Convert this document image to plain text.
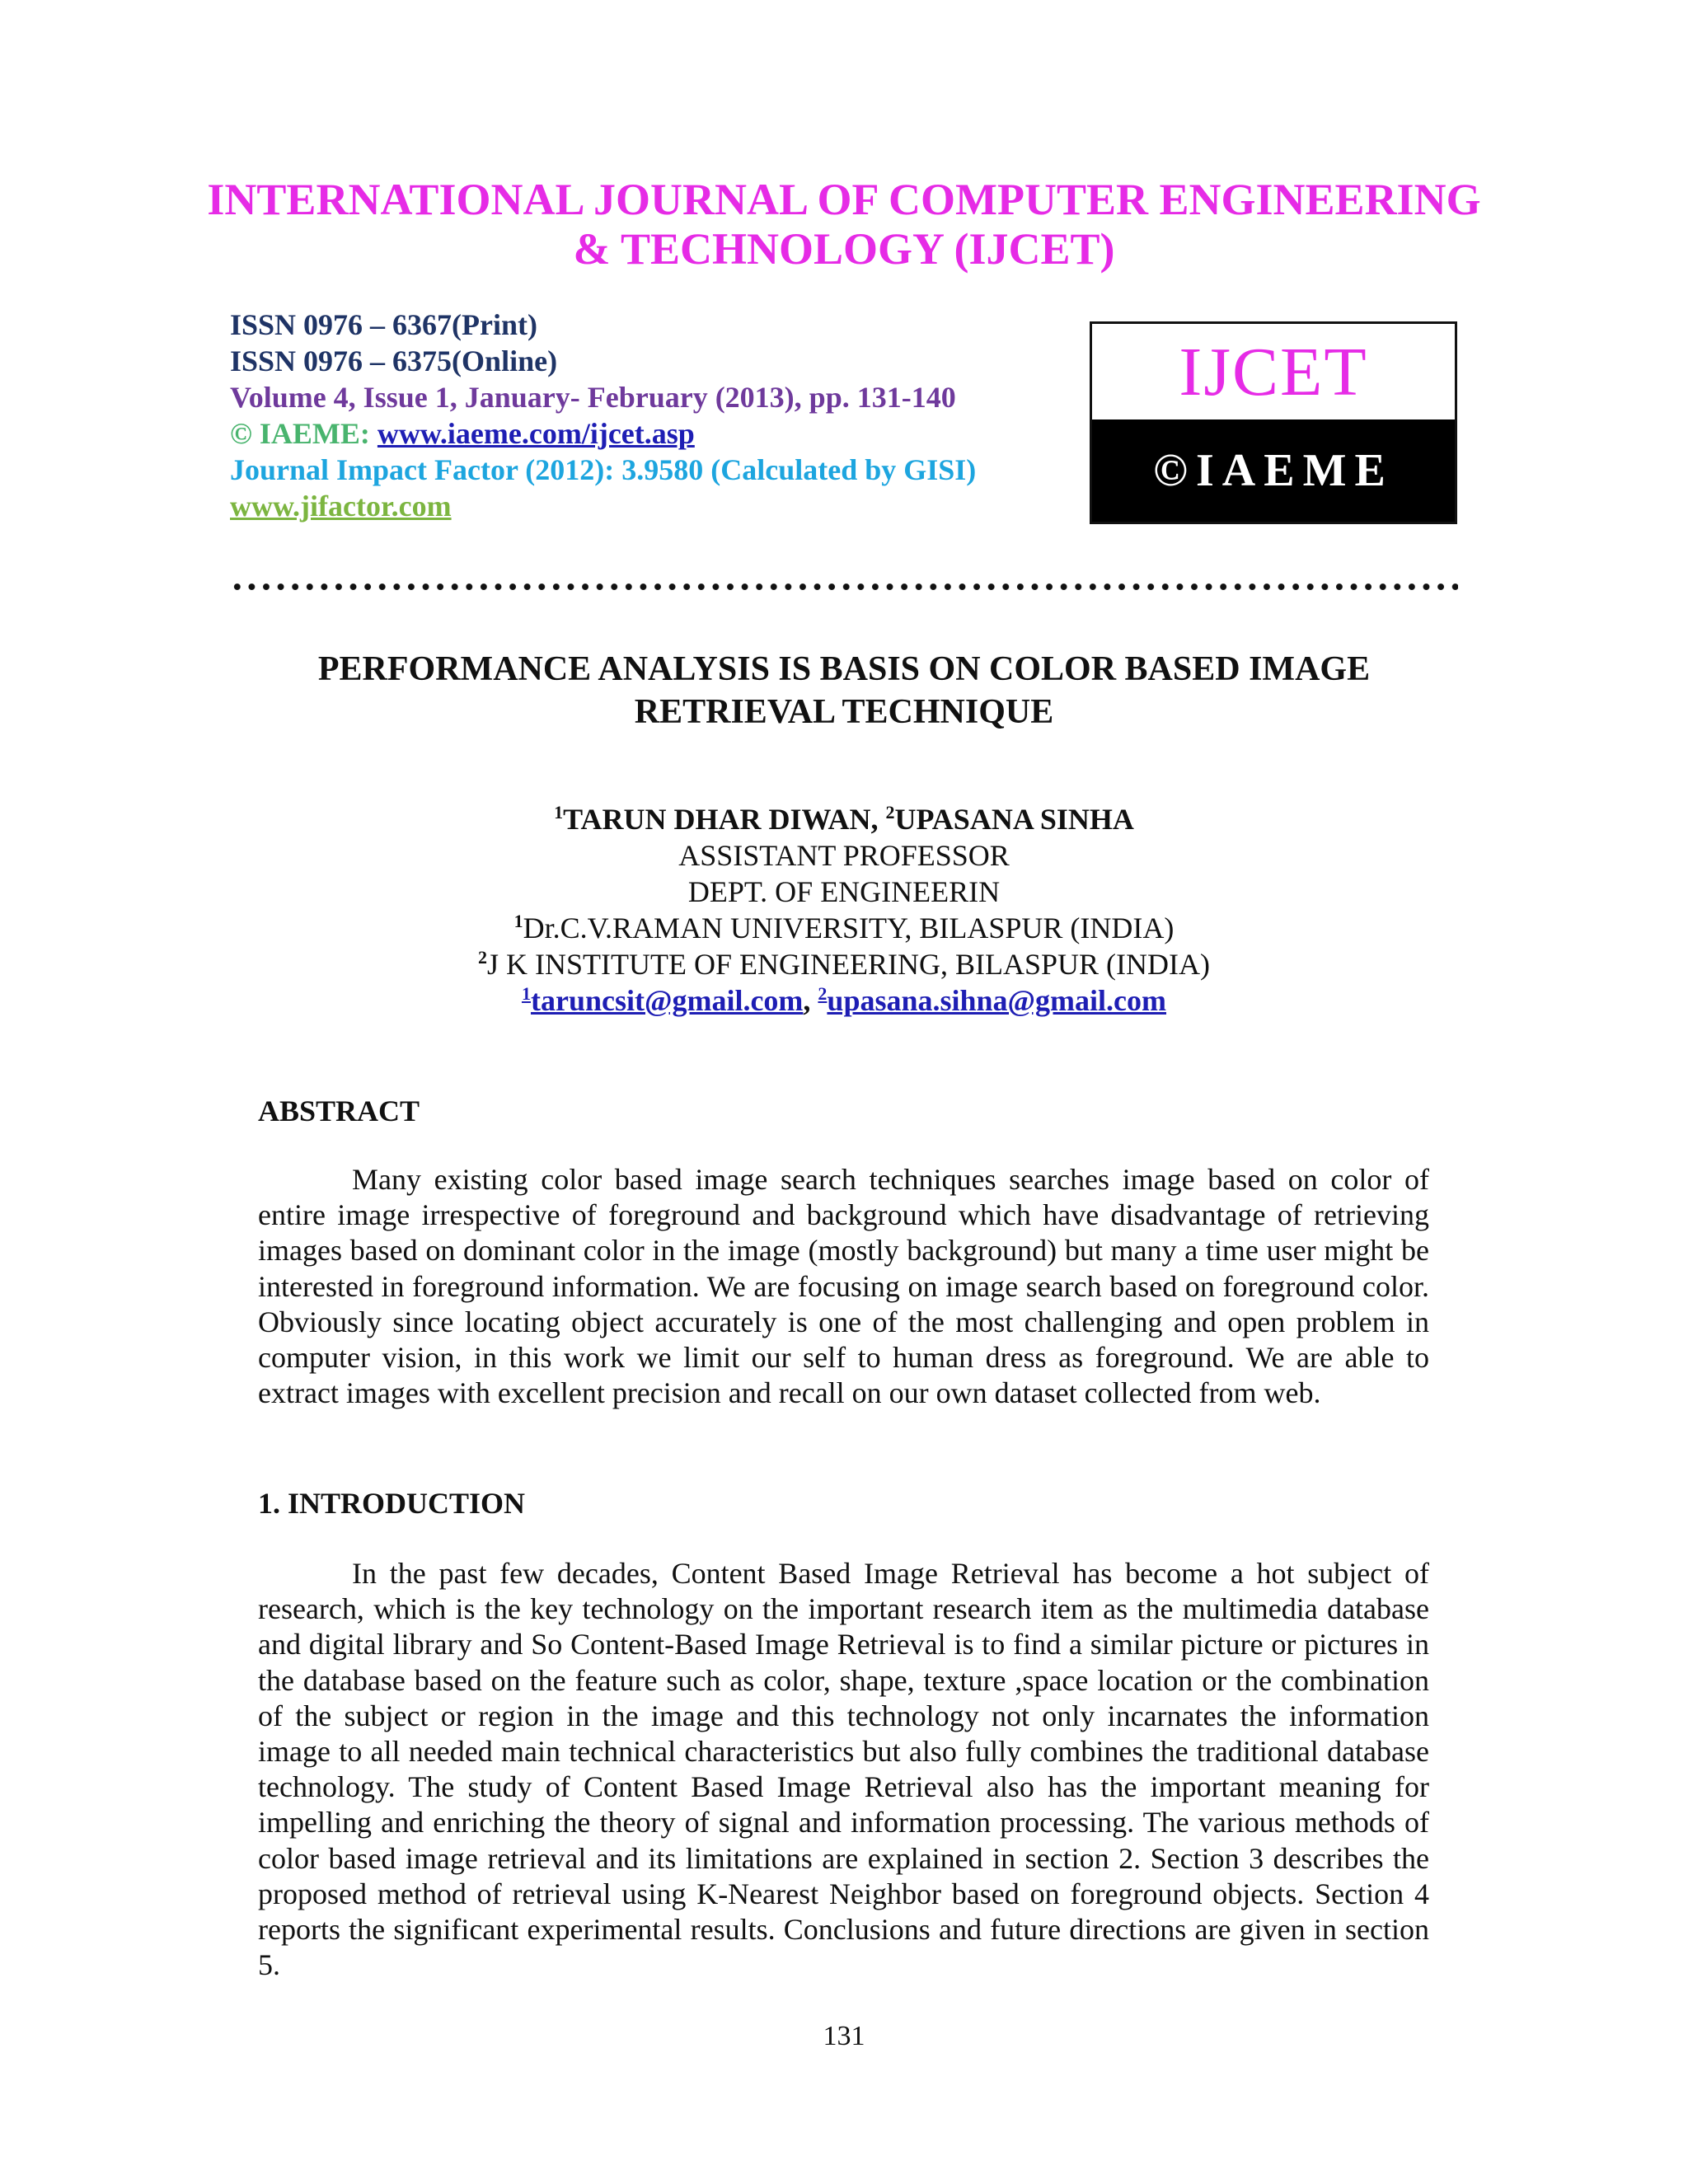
INTERNATIONAL JOURNAL OF COMPUTER ENGINEERING
& TECHNOLOGY (IJCET)
ISSN 0976 – 6367(Print)
ISSN 0976 – 6375(Online)
Volume 4, Issue 1, January- February (2013), pp. 131-140
© IAEME: www.iaeme.com/ijcet.asp
Journal Impact Factor (2012): 3.9580 (Calculated by GISI)
www.jifactor.com
IJCET
©IAEME
PERFORMANCE ANALYSIS IS BASIS ON COLOR BASED IMAGE
RETRIEVAL TECHNIQUE
$^1$TARUN DHAR DIWAN, $^2$UPASANA SINHA
ASSISTANT PROFESSOR
DEPT. OF ENGINEERIN
$^1$Dr.C.V.RAMAN UNIVERSITY, BILASPUR (INDIA)
$^2$J K INSTITUTE OF ENGINEERING, BILASPUR (INDIA)
$^1$taruncsit@gmail.com, $^2$upasana.sihna@gmail.com
ABSTRACT
Many existing color based image search techniques searches image based on color of entire image irrespective of foreground and background which have disadvantage of retrieving images based on dominant color in the image (mostly background) but many a time user might be interested in foreground information. We are focusing on image search based on foreground color. Obviously since locating object accurately is one of the most challenging and open problem in computer vision, in this work we limit our self to human dress as foreground. We are able to extract images with excellent precision and recall on our own dataset collected from web.
1. INTRODUCTION
In the past few decades, Content Based Image Retrieval has become a hot subject of research, which is the key technology on the important research item as the multimedia database and digital library and So Content-Based Image Retrieval is to find a similar picture or pictures in the database based on the feature such as color, shape, texture ,space location or the combination of the subject or region in the image and this technology not only incarnates the information image to all needed main technical characteristics but also fully combines the traditional database technology. The study of Content Based Image Retrieval also has the important meaning for impelling and enriching the theory of signal and information processing. The various methods of color based image retrieval and its limitations are explained in section 2. Section 3 describes the proposed method of retrieval using K-Nearest Neighbor based on foreground objects. Section 4 reports the significant experimental results. Conclusions and future directions are given in section 5.
131
